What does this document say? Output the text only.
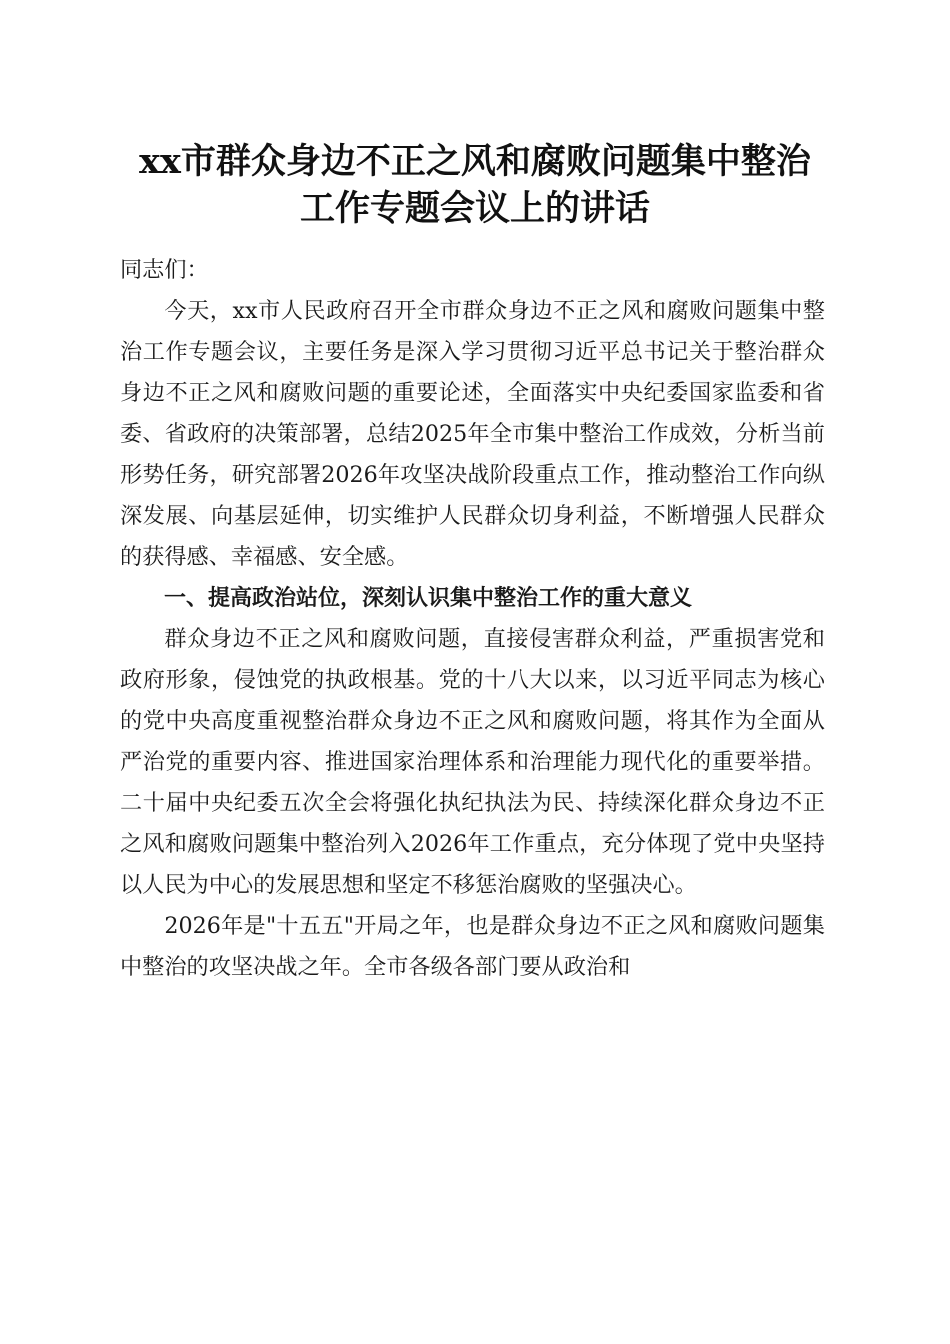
xx市群众身边不正之风和腐败问题集中整治
工作专题会议上的讲话

同志们：

今天，xx市人民政府召开全市群众身边不正之风和腐败问题集中整治工作专题会议，主要任务是深入学习贯彻习近平总书记关于整治群众身边不正之风和腐败问题的重要论述，全面落实中央纪委国家监委和省委、省政府的决策部署，总结2025年全市集中整治工作成效，分析当前形势任务，研究部署2026年攻坚决战阶段重点工作，推动整治工作向纵深发展、向基层延伸，切实维护人民群众切身利益，不断增强人民群众的获得感、幸福感、安全感。

一、提高政治站位，深刻认识集中整治工作的重大意义

群众身边不正之风和腐败问题，直接侵害群众利益，严重损害党和政府形象，侵蚀党的执政根基。党的十八大以来，以习近平同志为核心的党中央高度重视整治群众身边不正之风和腐败问题，将其作为全面从严治党的重要内容、推进国家治理体系和治理能力现代化的重要举措。二十届中央纪委五次全会将强化执纪执法为民、持续深化群众身边不正之风和腐败问题集中整治列入2026年工作重点，充分体现了党中央坚持以人民为中心的发展思想和坚定不移惩治腐败的坚强决心。

2026年是"十五五"开局之年，也是群众身边不正之风和腐败问题集中整治的攻坚决战之年。全市各级各部门要从政治和
